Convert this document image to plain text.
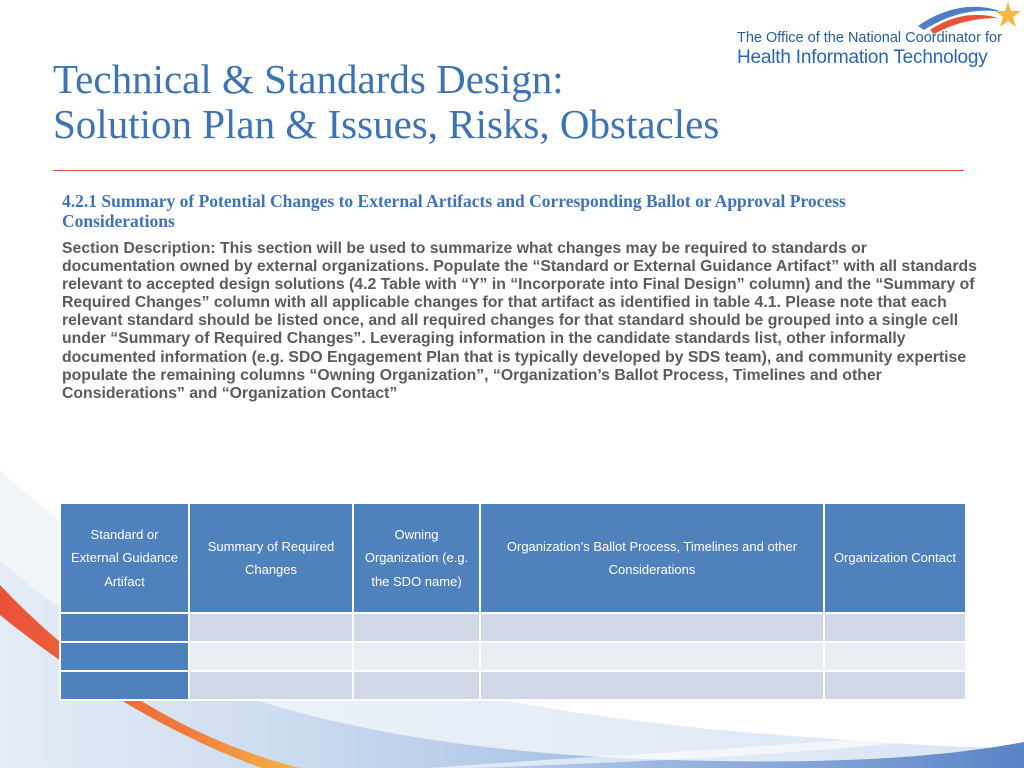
The Office of the National Coordinator for
Health Information Technology
Technical & Standards Design:
Solution Plan & Issues, Risks, Obstacles
4.2.1 Summary of Potential Changes to External Artifacts and Corresponding Ballot or Approval Process Considerations
Section Description: This section will be used to summarize what changes may be required to standards or documentation owned by external organizations. Populate the “Standard or External Guidance Artifact” with all standards relevant to accepted design solutions (4.2 Table with “Y” in “Incorporate into Final Design” column) and the “Summary of Required Changes” column with all applicable changes for that artifact as identified in table 4.1. Please note that each relevant standard should be listed once, and all required changes for that standard should be grouped into a single cell under “Summary of Required Changes”. Leveraging information in the candidate standards list, other informally documented information (e.g. SDO Engagement Plan that is typically developed by SDS team), and community expertise populate the remaining columns “Owning Organization”, “Organization’s Ballot Process, Timelines and other Considerations” and “Organization Contact”
Standard or External Guidance Artifact	Summary of Required Changes	Owning Organization (e.g. the SDO name)	Organization’s Ballot Process, Timelines and other Considerations	Organization Contact
